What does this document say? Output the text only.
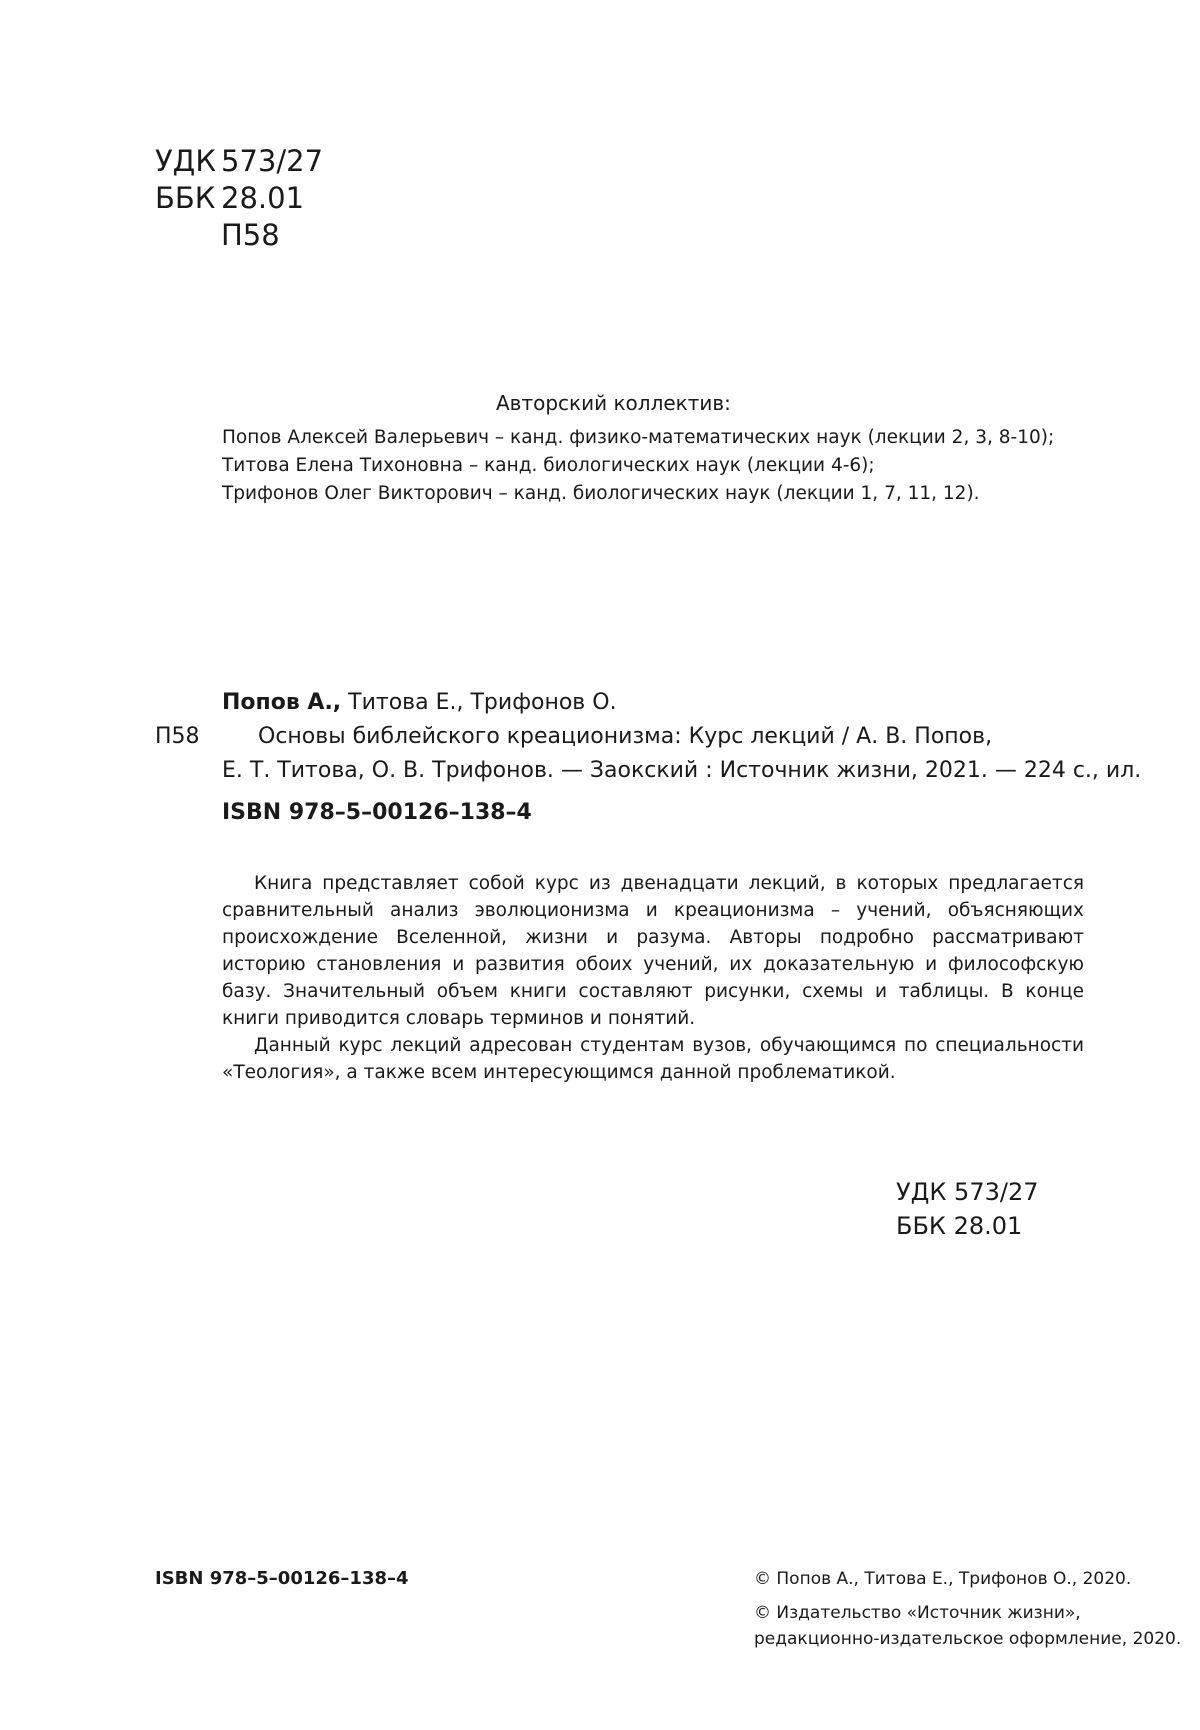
УДК 573/27
ББК 28.01
П58
Авторский коллектив:
Попов Алексей Валерьевич – канд. физико-математических наук (лекции 2, 3, 8-10);
Титова Елена Тихоновна – канд. биологических наук (лекции 4-6);
Трифонов Олег Викторович – канд. биологических наук (лекции 1, 7, 11, 12).
Попов А., Титова Е., Трифонов О.
П58	Основы библейского креационизма: Курс лекций / А. В. Попов,
Е. Т. Титова, О. В. Трифонов. — Заокский : Источник жизни, 2021. — 224 с., ил.
ISBN 978–5–00126–138–4

Книга представляет собой курс из двенадцати лекций, в которых предлагается сравнительный анализ эволюционизма и креационизма – учений, объясняющих происхождение Вселенной, жизни и разума. Авторы подробно рассматривают историю становления и развития обоих учений, их доказательную и философскую базу. Значительный объем книги составляют рисунки, схемы и таблицы. В конце книги приводится словарь терминов и понятий.

Данный курс лекций адресован студентам вузов, обучающимся по специальности «Теология», а также всем интересующимся данной проблематикой.

УДК 573/27
ББК 28.01
ISBN 978–5–00126–138–4	© Попов А., Титова Е., Трифонов О., 2020.
© Издательство «Источник жизни»,
редакционно-издательское оформление, 2020.
